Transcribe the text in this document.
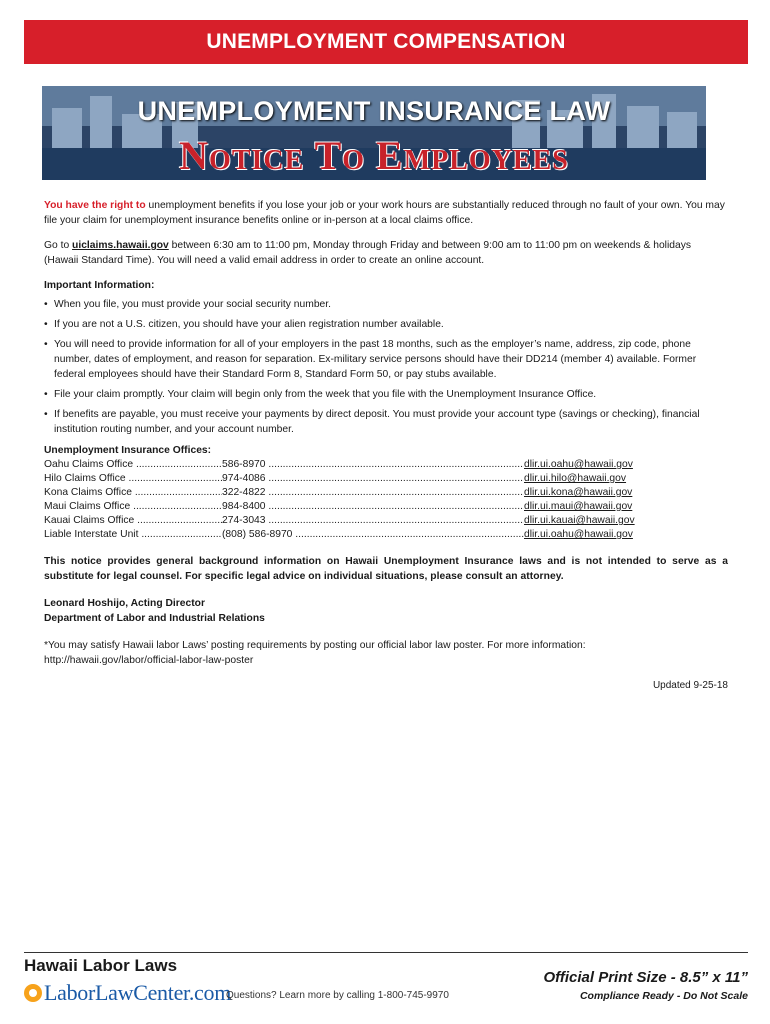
UNEMPLOYMENT COMPENSATION
UNEMPLOYMENT INSURANCE LAW
Notice To Employees

You have the right to unemployment benefits if you lose your job or your work hours are substantially reduced through no fault of your own. You may file your claim for unemployment insurance benefits online or in-person at a local claims office.

Go to uiclaims.hawaii.gov between 6:30 am to 11:00 pm, Monday through Friday and between 9:00 am to 11:00 pm on weekends & holidays (Hawaii Standard Time). You will need a valid email address in order to create an online account.

Important Information:
• When you file, you must provide your social security number.
• If you are not a U.S. citizen, you should have your alien registration number available.
• You will need to provide information for all of your employers in the past 18 months, such as the employer’s name, address, zip code, phone number, dates of employment, and reason for separation. Ex-military service persons should have their DD214 (member 4) available. Former federal employees should have their Standard Form 8, Standard Form 50, or pay stubs available.
• File your claim promptly. Your claim will begin only from the week that you file with the Unemployment Insurance Office.
• If benefits are payable, you must receive your payments by direct deposit. You must provide your account type (savings or checking), financial institution routing number, and your account number.
Unemployment Insurance Offices:
Oahu Claims Office .....	586-8970 .....	dlir.ui.oahu@hawaii.gov
Hilo Claims Office .....	974-4086 .....	dlir.ui.hilo@hawaii.gov
Kona Claims Office .....	322-4822 .....	dlir.ui.kona@hawaii.gov
Maui Claims Office .....	984-8400 .....	dlir.ui.maui@hawaii.gov
Kauai Claims Office .....	274-3043 .....	dlir.ui.kauai@hawaii.gov
Liable Interstate Unit .....	(808) 586-8970 .....	dlir.ui.oahu@hawaii.gov
This notice provides general background information on Hawaii Unemployment Insurance laws and is not intended to serve as a substitute for legal counsel. For specific legal advice on individual situations, please consult an attorney.
Leonard Hoshijo, Acting Director
Department of Labor and Industrial Relations
*You may satisfy Hawaii labor Laws’ posting requirements by posting our official labor law poster. For more information:
http://hawaii.gov/labor/official-labor-law-poster
Updated 9-25-18
Hawaii Labor Laws
LaborLawCenter.com
Questions? Learn more by calling 1-800-745-9970
Official Print Size - 8.5” x 11”
Compliance Ready - Do Not Scale
